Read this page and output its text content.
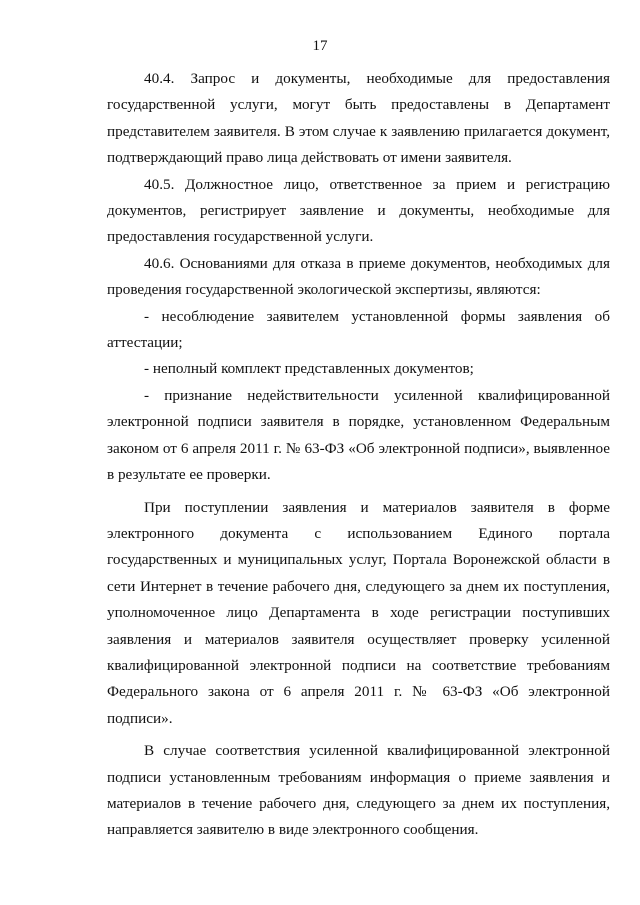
17

40.4. Запрос и документы, необходимые для предоставления государственной услуги, могут быть предоставлены в Департамент представителем заявителя. В этом случае к заявлению прилагается документ, подтверждающий право лица действовать от имени заявителя.

40.5. Должностное лицо, ответственное за прием и регистрацию документов, регистрирует заявление и документы, необходимые для предоставления государственной услуги.

40.6. Основаниями для отказа в приеме документов, необходимых для проведения государственной экологической экспертизы, являются:

- несоблюдение заявителем установленной формы заявления об аттестации;

- неполный комплект представленных документов;

- признание недействительности усиленной квалифицированной электронной подписи заявителя в порядке, установленном Федеральным законом от 6 апреля 2011 г. № 63-ФЗ «Об электронной подписи», выявленное в результате ее проверки.

При поступлении заявления и материалов заявителя в форме электронного документа с использованием Единого портала государственных и муниципальных услуг, Портала Воронежской области в сети Интернет в течение рабочего дня, следующего за днем их поступления, уполномоченное лицо Департамента в ходе регистрации поступивших заявления и материалов заявителя осуществляет проверку усиленной квалифицированной электронной подписи на соответствие требованиям Федерального закона от 6 апреля 2011 г. № 63-ФЗ «Об электронной подписи».

В случае соответствия усиленной квалифицированной электронной подписи установленным требованиям информация о приеме заявления и материалов в течение рабочего дня, следующего за днем их поступления, направляется заявителю в виде электронного сообщения.
